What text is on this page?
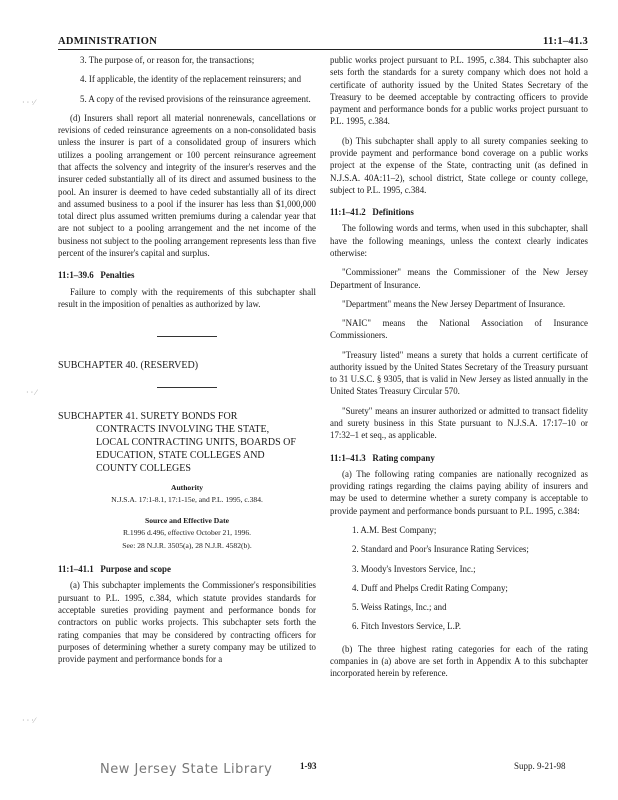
ADMINISTRATION	11:1–41.3
· ‧ ·⁄
· ‧ ⁄
· ‧ ·⁄

3. The purpose of, or reason for, the transactions;

4. If applicable, the identity of the replacement reinsurers; and

5. A copy of the revised provisions of the reinsurance agreement.

(d) Insurers shall report all material nonrenewals, cancellations or revisions of ceded reinsurance agreements on a non-consolidated basis unless the insurer is part of a consolidated group of insurers which utilizes a pooling arrangement or 100 percent reinsurance agreement that affects the solvency and integrity of the insurer's reserves and the insurer ceded substantially all of its direct and assumed business to the pool. An insurer is deemed to have ceded substantially all of its direct and assumed business to a pool if the insurer has less than $1,000,000 total direct plus assumed written premiums during a calendar year that are not subject to a pooling arrangement and the net income of the business not subject to the pooling arrangement represents less than five percent of the insurer's capital and surplus.

11:1–39.6 Penalties

Failure to comply with the requirements of this subchapter shall result in the imposition of penalties as authorized by law.

SUBCHAPTER 40. (RESERVED)
SUBCHAPTER 41. SURETY BONDS FOR
CONTRACTS INVOLVING THE STATE,
LOCAL CONTRACTING UNITS, BOARDS OF
EDUCATION, STATE COLLEGES AND
COUNTY COLLEGES
Authority
N.J.S.A. 17:1-8.1, 17:1-15e, and P.L. 1995, c.384.
Source and Effective Date
R.1996 d.496, effective October 21, 1996.
See: 28 N.J.R. 3505(a), 28 N.J.R. 4582(b).
11:1–41.1 Purpose and scope

(a) This subchapter implements the Commissioner's responsibilities pursuant to P.L. 1995, c.384, which statute provides standards for acceptable sureties providing payment and performance bonds for contractors on public works projects. This subchapter sets forth the rating companies that may be considered by contracting officers for purposes of determining whether a surety company may be utilized to provide payment and performance bonds for a

public works project pursuant to P.L. 1995, c.384. This subchapter also sets forth the standards for a surety company which does not hold a certificate of authority issued by the United States Secretary of the Treasury to be deemed acceptable by contracting officers to provide payment and performance bonds for a public works project pursuant to P.L. 1995, c.384.

(b) This subchapter shall apply to all surety companies seeking to provide payment and performance bond coverage on a public works project at the expense of the State, contracting unit (as defined in N.J.S.A. 40A:11–2), school district, State college or county college, subject to P.L. 1995, c.384.

11:1–41.2 Definitions

The following words and terms, when used in this subchapter, shall have the following meanings, unless the context clearly indicates otherwise:

"Commissioner" means the Commissioner of the New Jersey Department of Insurance.

"Department" means the New Jersey Department of Insurance.

"NAIC" means the National Association of Insurance Commissioners.

"Treasury listed" means a surety that holds a current certificate of authority issued by the United States Secretary of the Treasury pursuant to 31 U.S.C. § 9305, that is valid in New Jersey as listed annually in the United States Treasury Circular 570.

"Surety" means an insurer authorized or admitted to transact fidelity and surety business in this State pursuant to N.J.S.A. 17:17–10 or 17:32–1 et seq., as applicable.

11:1–41.3 Rating company

(a) The following rating companies are nationally recognized as providing ratings regarding the claims paying ability of insurers and may be used to determine whether a surety company is acceptable to provide payment and performance bonds pursuant to P.L. 1995, c.384:

1. A.M. Best Company;
2. Standard and Poor's Insurance Rating Services;
3. Moody's Investors Service, Inc.;
4. Duff and Phelps Credit Rating Company;
5. Weiss Ratings, Inc.; and
6. Fitch Investors Service, L.P.

(b) The three highest rating categories for each of the rating companies in (a) above are set forth in Appendix A to this subchapter incorporated herein by reference.

New Jersey State Library	1-93	Supp. 9-21-98
